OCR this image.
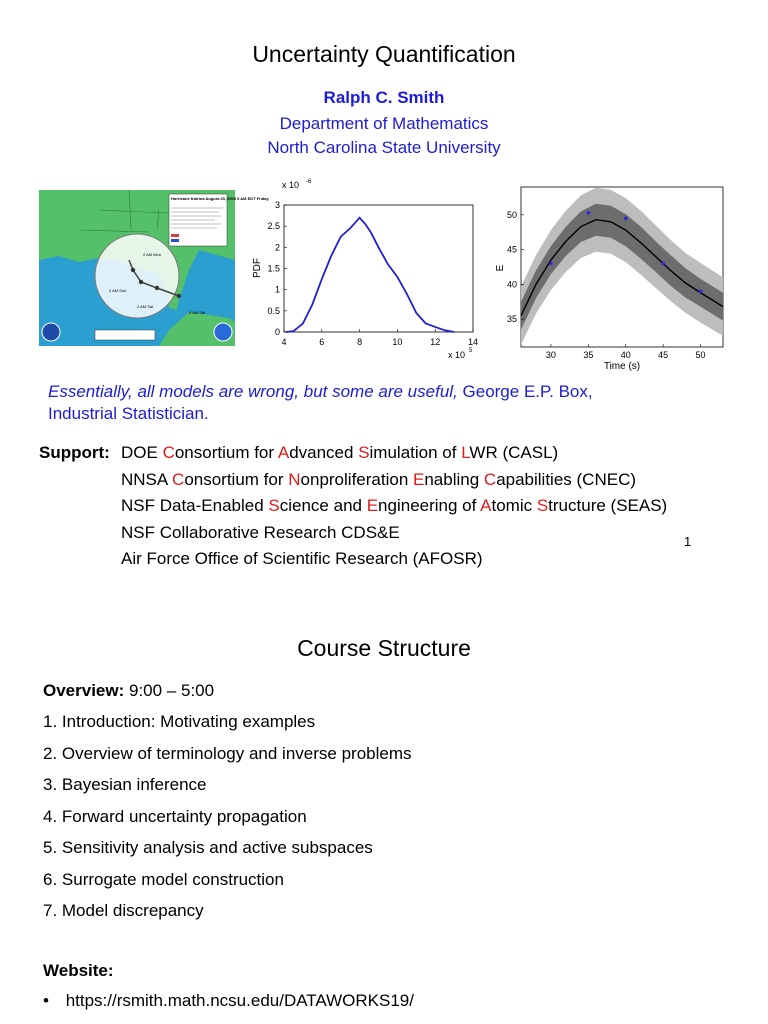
Uncertainty Quantification
Ralph C. Smith
Department of Mathematics
North Carolina State University
2 AM Mon
2 AM Sun
2 AM Sat
8 AM Sat
Hurricane Katrina August 25, 2005 5 AM EDT Friday
0
0.5
1
1.5
2
2.5
3
4	6	8	10	12	14
PDF
x 10 -6
x 10 5
35
40
45
50
30	35	40	45	50
E
Time (s)
Essentially, all models are wrong, but some are useful, George E.P. Box,
Industrial Statistician.
Support: DOE Consortium for Advanced Simulation of LWR (CASL)
NNSA Consortium for Nonproliferation Enabling Capabilities (CNEC)
NSF Data-Enabled Science and Engineering of Atomic Structure (SEAS)
NSF Collaborative Research CDS&E
Air Force Office of Scientific Research (AFOSR)
1
Course Structure
Overview: 9:00 – 5:00
1. Introduction: Motivating examples
2. Overview of terminology and inverse problems
3. Bayesian inference
4. Forward uncertainty propagation
5. Sensitivity analysis and active subspaces
6. Surrogate model construction
7. Model discrepancy
Website:
• https://rsmith.math.ncsu.edu/DATAWORKS19/
